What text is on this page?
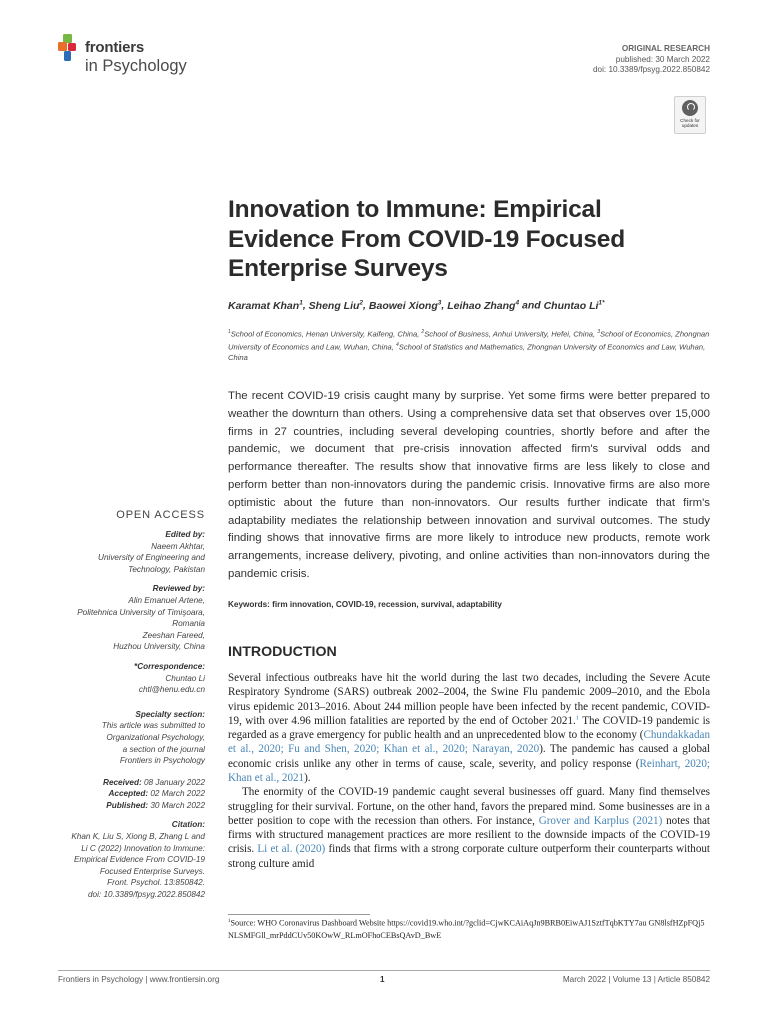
frontiers
in Psychology
ORIGINAL RESEARCH
published: 30 March 2022
doi: 10.3389/fpsyg.2022.850842
Check for
updates
Innovation to Immune: Empirical Evidence From COVID-19 Focused Enterprise Surveys
Karamat Khan$^1$, Sheng Liu$^2$, Baowei Xiong$^3$, Leihao Zhang$^4$ and Chuntao $Li^{1*}$
$^1$School of Economics, Henan University, Kaifeng, China, $^2$School of Business, Anhui University, Hefei, China, $^3$School of Economics, Zhongnan University of Economics and Law, Wuhan, China, $^4$School of Statistics and Mathematics, Zhongnan University of Economics and Law, Wuhan, China
The recent COVID-19 crisis caught many by surprise. Yet some firms were better prepared to weather the downturn than others. Using a comprehensive data set that observes over 15,000 firms in 27 countries, including several developing countries, shortly before and after the pandemic, we document that pre-crisis innovation affected firm's survival odds and performance thereafter. The results show that innovative firms are less likely to close and perform better than non-innovators during the pandemic crisis. Innovative firms are also more optimistic about the future than non-innovators. Our results further indicate that firm's adaptability mediates the relationship between innovation and survival outcomes. The study finding shows that innovative firms are more likely to introduce new products, remote work arrangements, increase delivery, pivoting, and online activities than non-innovators during the pandemic crisis.
Keywords: firm innovation, COVID-19, recession, survival, adaptability
OPEN ACCESS
Edited by:
Naeem Akhtar,
University of Engineering and
Technology, Pakistan
Reviewed by:
Alin Emanuel Artene,
Politehnica University of Timişoara,
Romania
Zeeshan Fareed,
Huzhou University, China
*Correspondence:
Chuntao Li
chtl@henu.edu.cn
Specialty section:
This article was submitted to
Organizational Psychology,
a section of the journal
Frontiers in Psychology
Received: 08 January 2022
Accepted: 02 March 2022
Published: 30 March 2022
Citation:
Khan K, Liu S, Xiong B, Zhang L and
Li C (2022) Innovation to Immune:
Empirical Evidence From COVID-19
Focused Enterprise Surveys.
Front. Psychol. 13:850842.
doi: 10.3389/fpsyg.2022.850842
INTRODUCTION

Several infectious outbreaks have hit the world during the last two decades, including the Severe Acute Respiratory Syndrome (SARS) outbreak 2002–2004, the Swine Flu pandemic 2009–2010, and the Ebola virus epidemic 2013–2016. About 244 million people have been infected by the recent pandemic, COVID-19, with over 4.96 million fatalities are reported by the end of October 2021.$^1$ The COVID-19 pandemic is regarded as a grave emergency for public health and an unprecedented blow to the economy (Chundakkadan et al., 2020; Fu and Shen, 2020; Khan et al., 2020; Narayan, 2020). The pandemic has caused a global economic crisis unlike any other in terms of cause, scale, severity, and policy response (Reinhart, 2020; Khan et al., 2021).

The enormity of the COVID-19 pandemic caught several businesses off guard. Many find themselves struggling for their survival. Fortune, on the other hand, favors the prepared mind. Some businesses are in a better position to cope with the recession than others. For instance, Grover and Karplus (2021) notes that firms with structured management practices are more resilient to the downside impacts of the COVID-19 crisis. Li et al. (2020) finds that firms with a strong corporate culture outperform their counterparts without strong culture amid

$^1$Source: WHO Coronavirus Dashboard Website https://covid19.who.int/?gclid=CjwKCAiAqJn9BRB0EiwAJ1SztfTqbKTY7au GN8lsfHZpFQj5NLSMFGll_mrPddCUv50KOwW_RLmOFhoCEBsQAvD_BwE
Frontiers in Psychology | www.frontiersin.org	1	March 2022 | Volume 13 | Article 850842
